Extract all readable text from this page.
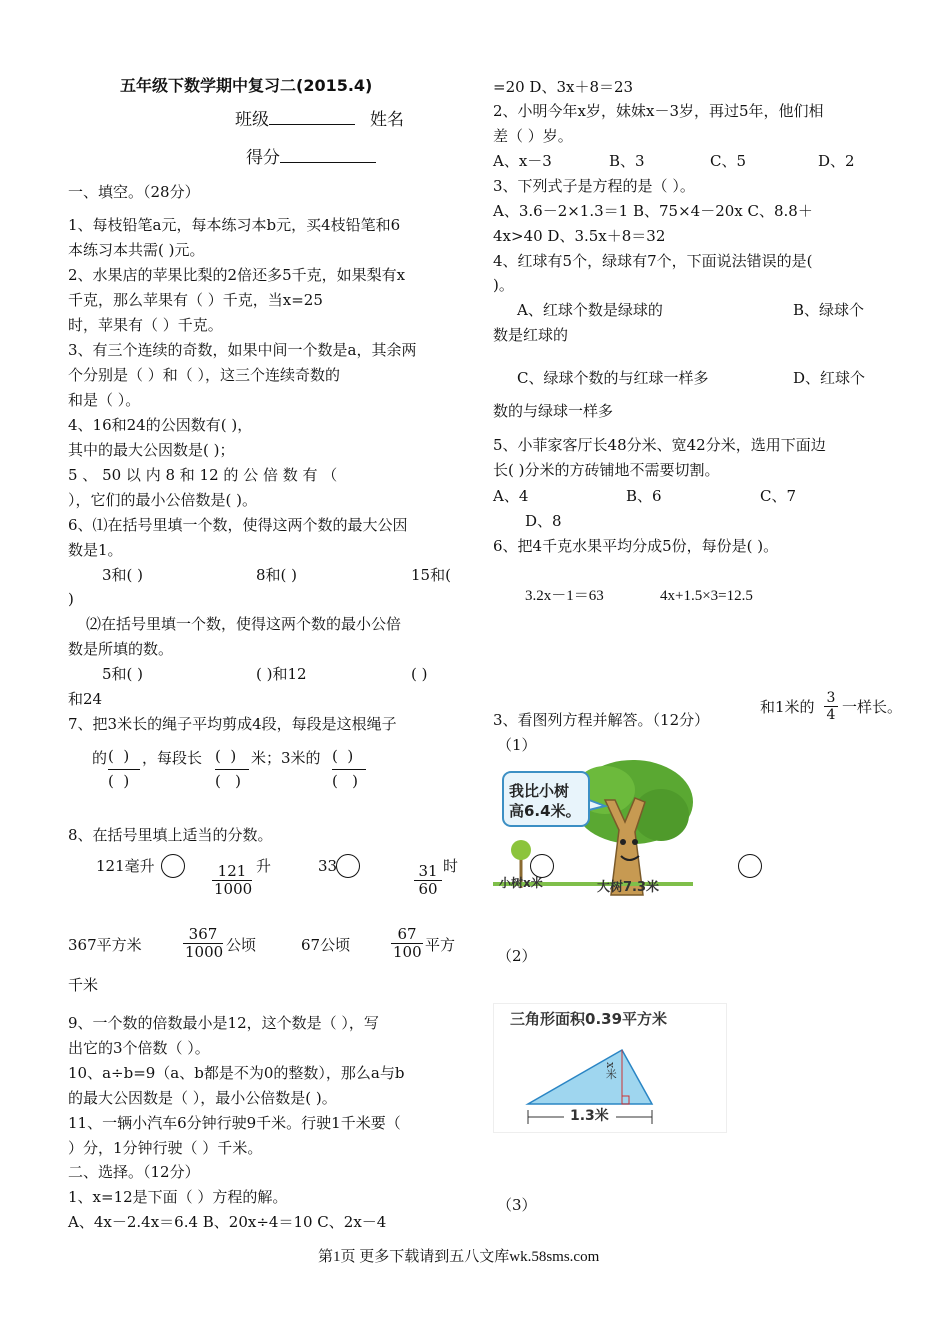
五年级下数学期中复习二(2015.4)
班级	姓名
得分
一、填空。（28分）
1、每枝铅笔a元，每本练习本b元，买4枝铅笔和6
本练习本共需( )元。
2、水果店的苹果比梨的2倍还多5千克，如果梨有x
千克，那么苹果有（ ）千克，当x=25
时，苹果有（ ）千克。
3、有三个连续的奇数，如果中间一个数是a，其余两
个分别是（ ）和（ ），这三个连续奇数的
和是（ ）。
4、16和24的公因数有( )，
其中的最大公因数是( )；
5 、 50 以 内 8 和 12 的 公 倍 数 有 （
），它们的最小公倍数是( )。
6、⑴在括号里填一个数，使得这两个数的最大公因
数是1。
3和( )	8和( )	15和(
)
⑵在括号里填一个数，使得这两个数的最小公倍
数是所填的数。
5和( )	( )和12	( )
和24
7、把3米长的绳子平均剪成4段，每段是这根绳子
的 (  )
(  )
，每段长 (  )
(   )
米；3米的 (  )
(   )
8、在括号里填上适当的分数。
121毫升	$\frac{121}{1000}$ 升	33	$\frac{31}{60}$ 时
367平方米	$\frac{367}{1000}$ 公顷	67公顷	$\frac{67}{100}$ 平方
千米
9、一个数的倍数最小是12，这个数是（ ），写
出它的3个倍数（ ）。
10、a÷b=9（a、b都是不为0的整数），那么a与b
的最大公因数是（ ），最小公倍数是( )。
11、一辆小汽车6分钟行驶9千米。行驶1千米要（
）分，1分钟行驶（ ）千米。
二、选择。（12分）
1、x=12是下面（ ）方程的解。
A、4x－2.4x＝6.4 B、20x÷4＝10 C、2x－4
=20 D、3x＋8＝23
2、小明今年x岁，妹妹x－3岁，再过5年，他们相
差（ ）岁。
A、x－3	B、3	C、5	D、2
3、下列式子是方程的是（ ）。
A、3.6－2×1.3＝1 B、75×4－20x C、8.8＋
4x>40 D、3.5x＋8＝32
4、红球有5个，绿球有7个，下面说法错误的是(
)。
A、红球个数是绿球的	B、绿球个
数是红球的
C、绿球个数的与红球一样多	D、红球个
数的与绿球一样多
5、小菲家客厅长48分米、宽42分米，选用下面边
长( )分米的方砖铺地不需要切割。
A、4	B、6	C、7
D、8
6、把4千克水果平均分成5份，每份是( )。
3.2x－1＝63	4x+1.5×3=12.5
和1米的 $\frac{3}{4}$ 一样长。
3、看图列方程并解答。（12分）
（1）
我比小树
高6.4米。
小树x米	大树7.3米
（2）
三角形面积0.39平方米
1.3米
x米
（3）
第1页 更多下载请到五八文库wk.58sms.com
